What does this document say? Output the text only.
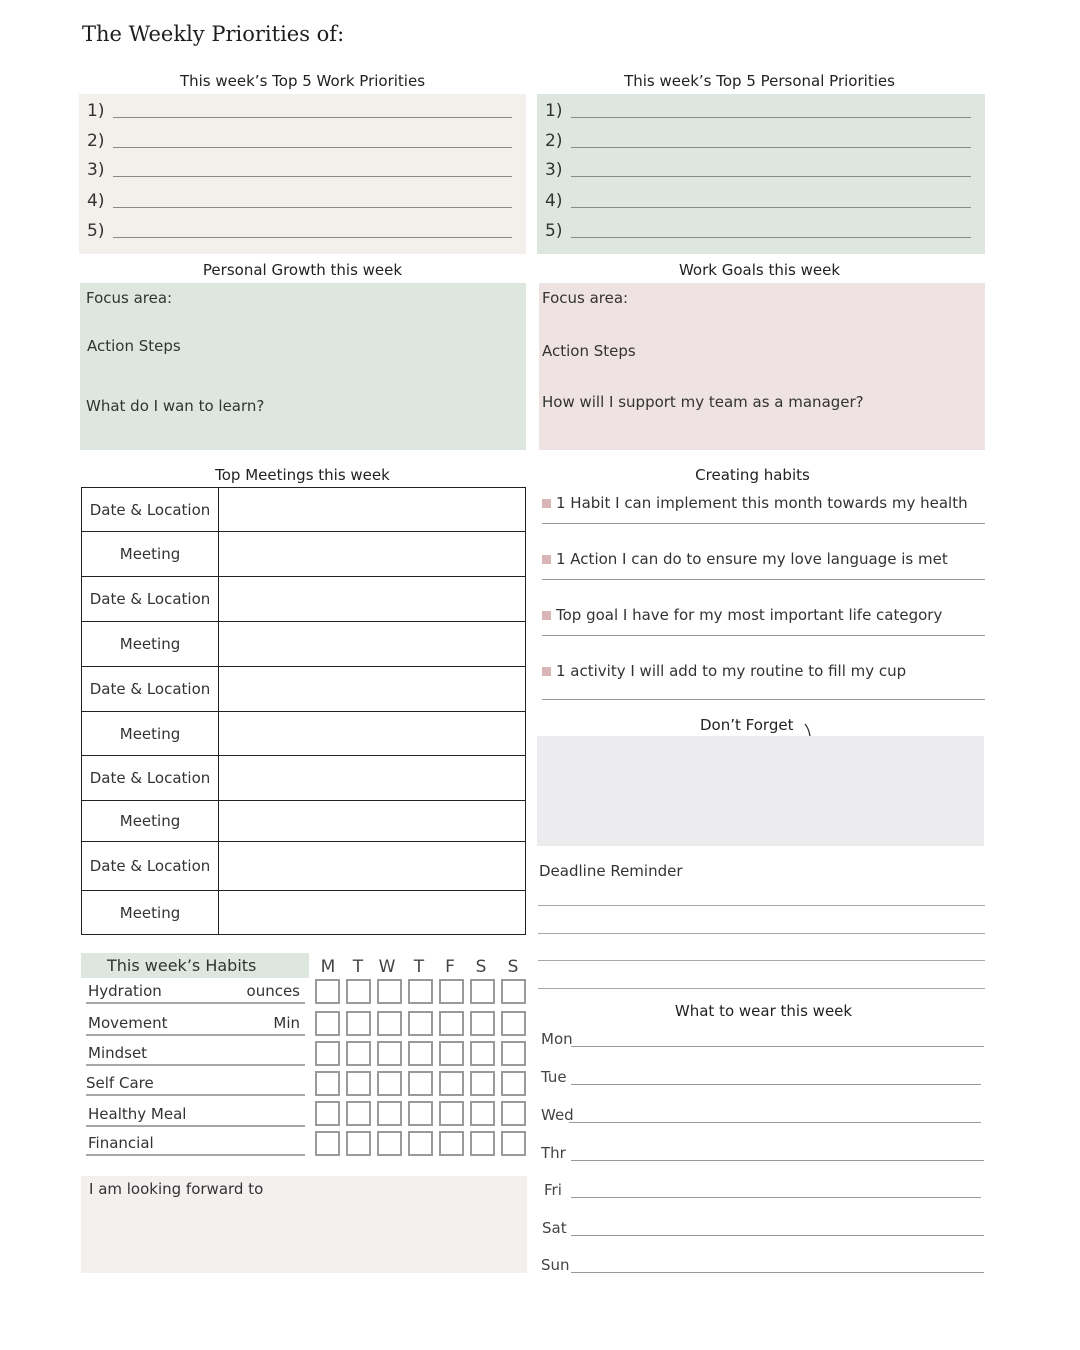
The Weekly Priorities of:
This week’s Top 5 Work Priorities
1)
2)
3)
4)
5)
This week’s Top 5 Personal Priorities
1)
2)
3)
4)
5)
Personal Growth this week
Focus area:
Action Steps
What do I wan to learn?
Work Goals this week
Focus area:
Action Steps
How will I support my team as a manager?
Top Meetings this week
Date & Location	
Meeting	
Date & Location	
Meeting	
Date & Location	
Meeting	
Date & Location	
Meeting	
Date & Location	
Meeting	
Creating habits
1 Habit I can implement this month towards my health
1 Action I can do to ensure my love language is met
Top goal I have for my most important life category
1 activity I will add to my routine to fill my cup
Don’t Forget
Deadline Reminder
This week’s Habits	M T W T	F	S S
Hydration	ounces
Movement	Min
Mindset
Self Care
Healthy Meal
Financial
I am looking forward to
What to wear this week
Mon
Tue
Wed
Thr
Fri
Sat
Sun
